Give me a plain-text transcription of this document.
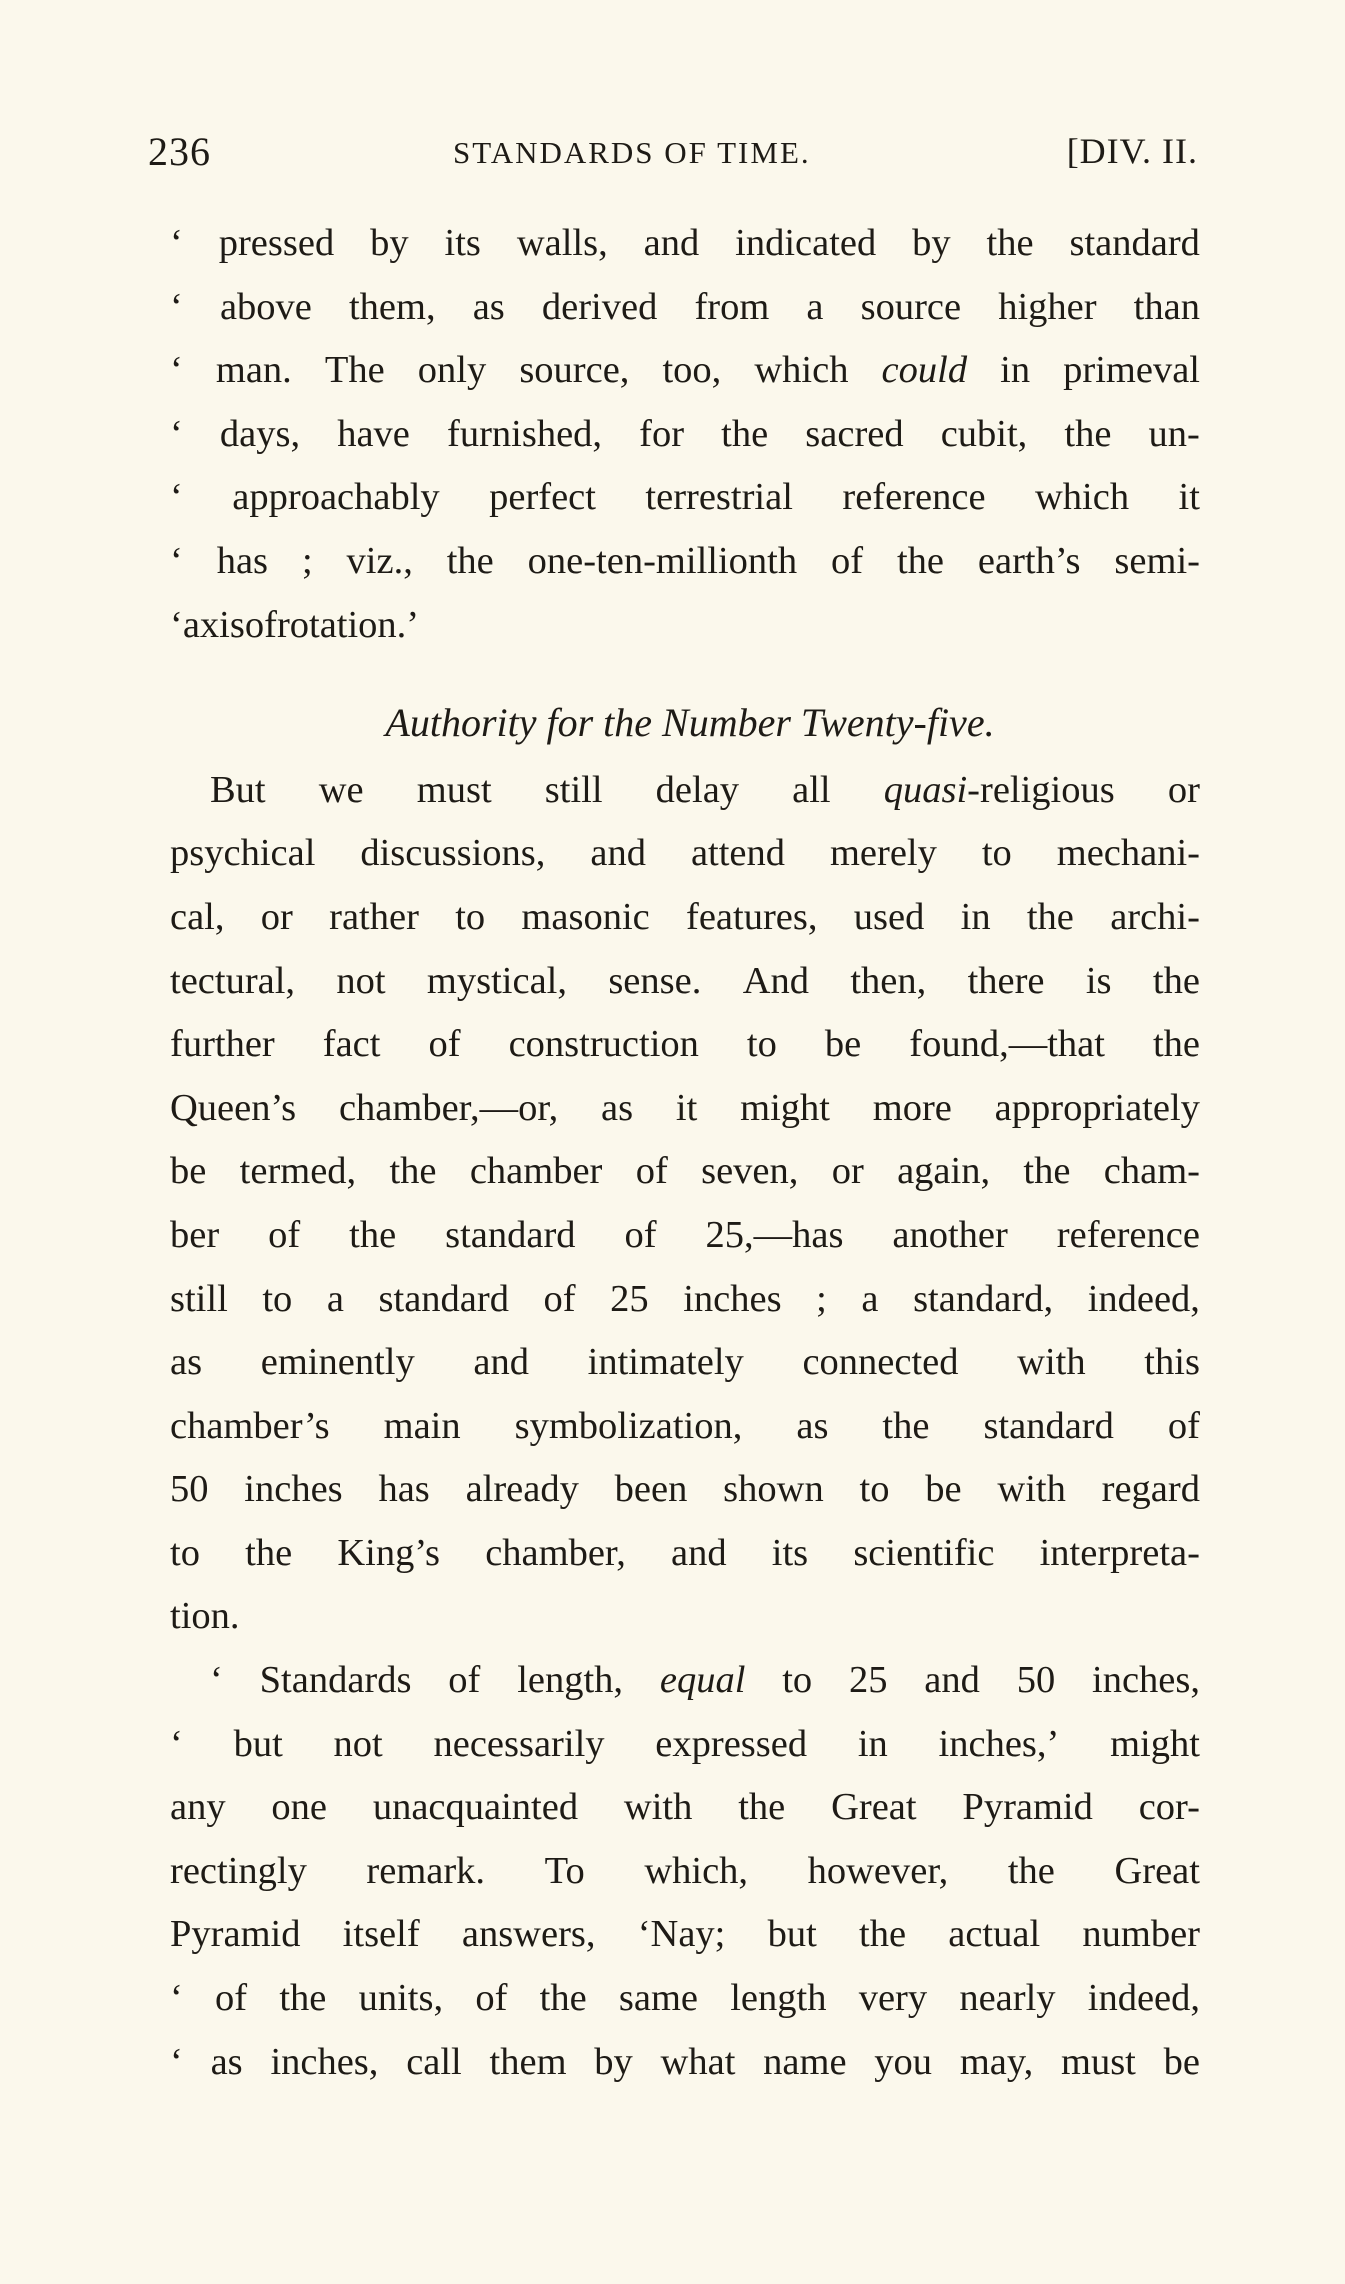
236	STANDARDS OF TIME.	[DIV. II.
‘ pressed by its walls, and indicated by the standard
‘ above them, as derived from a source higher than
‘ man. The only source, too, which could in primeval
‘ days, have furnished, for the sacred cubit, the un-
‘ approachably perfect terrestrial reference which it
‘ has ; viz., the one-ten-millionth of the earth’s semi-
‘ axis of rotation.’
Authority for the Number Twenty-five.
But we must still delay all quasi-religious or
psychical discussions, and attend merely to mechani-
cal, or rather to masonic features, used in the archi-
tectural, not mystical, sense. And then, there is the
further fact of construction to be found,—that the
Queen’s chamber,—or, as it might more appropriately
be termed, the chamber of seven, or again, the cham-
ber of the standard of 25,—has another reference
still to a standard of 25 inches ; a standard, indeed,
as eminently and intimately connected with this
chamber’s main symbolization, as the standard of
50 inches has already been shown to be with regard
to the King’s chamber, and its scientific interpreta-
tion.
‘ Standards of length, equal to 25 and 50 inches,
‘ but not necessarily expressed in inches,’ might
any one unacquainted with the Great Pyramid cor-
rectingly remark. To which, however, the Great
Pyramid itself answers, ‘Nay; but the actual number
‘ of the units, of the same length very nearly indeed,
‘ as inches, call them by what name you may, must be
